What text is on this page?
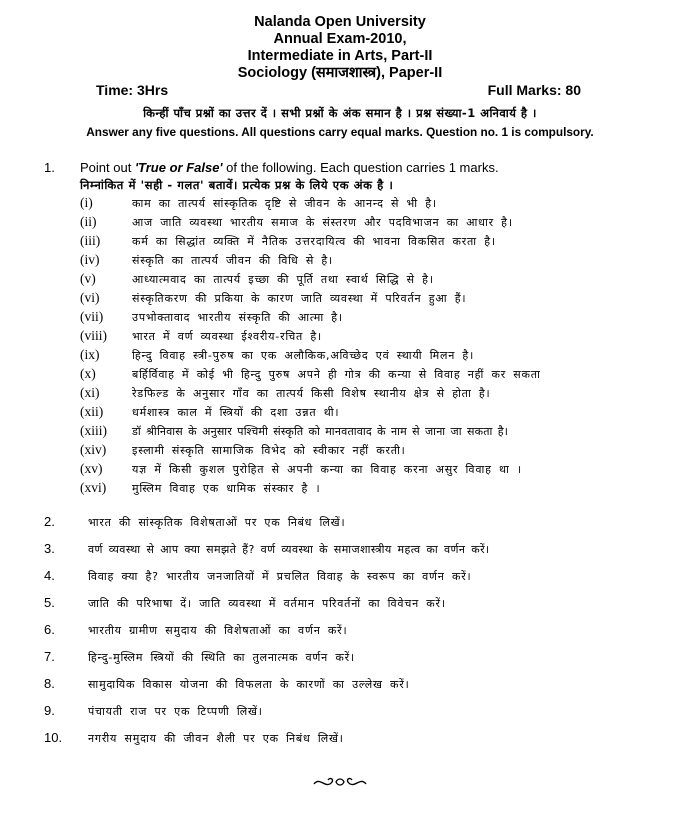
Nalanda Open University
Annual Exam-2010,
Intermediate in Arts, Part-II
Sociology (समाजशास्त्र), Paper-II
Time: 3Hrs	Full Marks: 80
किन्हीं पाँच प्रश्नों का उत्तर दें । सभी प्रश्नों के अंक समान है । प्रश्न संख्या-1 अनिवार्य है ।
Answer any five questions. All questions carry equal marks. Question no. 1 is compulsory.
1. Point out 'True or False' of the following. Each question carries 1 marks.
निम्नांकित में 'सही - गलत' बतावें। प्रत्येक प्रश्न के लिये एक अंक है ।
(i)	काम का तात्पर्य सांस्कृतिक दृष्टि से जीवन के आनन्द से भी है।
(ii)	आज जाति व्यवस्था भारतीय समाज के संस्तरण और पदविभाजन का आधार है।
(iii)	कर्म का सिद्धांत व्यक्ति में नैतिक उत्तरदायित्व की भावना विकसित करता है।
(iv)	संस्कृति का तात्पर्य जीवन की विधि से है।
(v)	आध्यात्मवाद का तात्पर्य इच्छा की पूर्ति तथा स्वार्थ सिद्धि से है।
(vi)	संस्कृतिकरण की प्रकिया के कारण जाति व्यवस्था में परिवर्तन हुआ हैं।
(vii)	उपभोक्तावाद भारतीय संस्कृति की आत्मा है।
(viii) भारत में वर्ण व्यवस्था ईश्वरीय-रचित है।
(ix)	हिन्दु विवाह स्त्री-पुरुष का एक अलौकिक,अविच्छेद एवं स्थायी मिलन है।
(x)	बर्हिर्विवाह में कोई भी हिन्दु पुरुष अपने ही गोत्र की कन्या से विवाह नहीं कर सकता
(xi)	रेडफिल्ड के अनुसार गाँव का तात्पर्य किसी विशेष स्थानीय क्षेत्र से होता है।
(xii)	धर्मशास्त्र काल में स्त्रियों की दशा उन्नत थी।
(xiii) डॉ श्रीनिवास के अनुसार पश्चिमी संस्कृति को मानवतावाद के नाम से जाना जा सकता है।
(xiv) इस्लामी संस्कृति सामाजिक विभेद को स्वीकार नहीं करती।
(xv)	यज्ञ में किसी कुशल पुरोहित से अपनी कन्या का विवाह करना असुर विवाह था ।
(xvi) मुस्लिम विवाह एक धामिक संस्कार है ।
2.	भारत की सांस्कृतिक विशेषताओं पर एक निबंध लिखें।
3.	वर्ण व्यवस्था से आप क्या समझते हैं? वर्ण व्यवस्था के समाजशास्त्रीय महत्व का वर्णन करें।
4.	विवाह क्या है? भारतीय जनजातियों में प्रचलित विवाह के स्वरूप का वर्णन करें।
5.	जाति की परिभाषा दें। जाति व्यवस्था में वर्तमान परिवर्तनों का विवेचन करें।
6.	भारतीय ग्रामीण समुदाय की विशेषताओं का वर्णन करें।
7.	हिन्दु-मुस्लिम स्त्रियों की स्थिति का तुलनात्मक वर्णन करें।
8.	सामुदायिक विकास योजना की विफलता के कारणों का उल्लेख करें।
9.	पंचायती राज पर एक टिप्पणी लिखें।
10. नगरीय समुदाय की जीवन शैली पर एक निबंध लिखें।
